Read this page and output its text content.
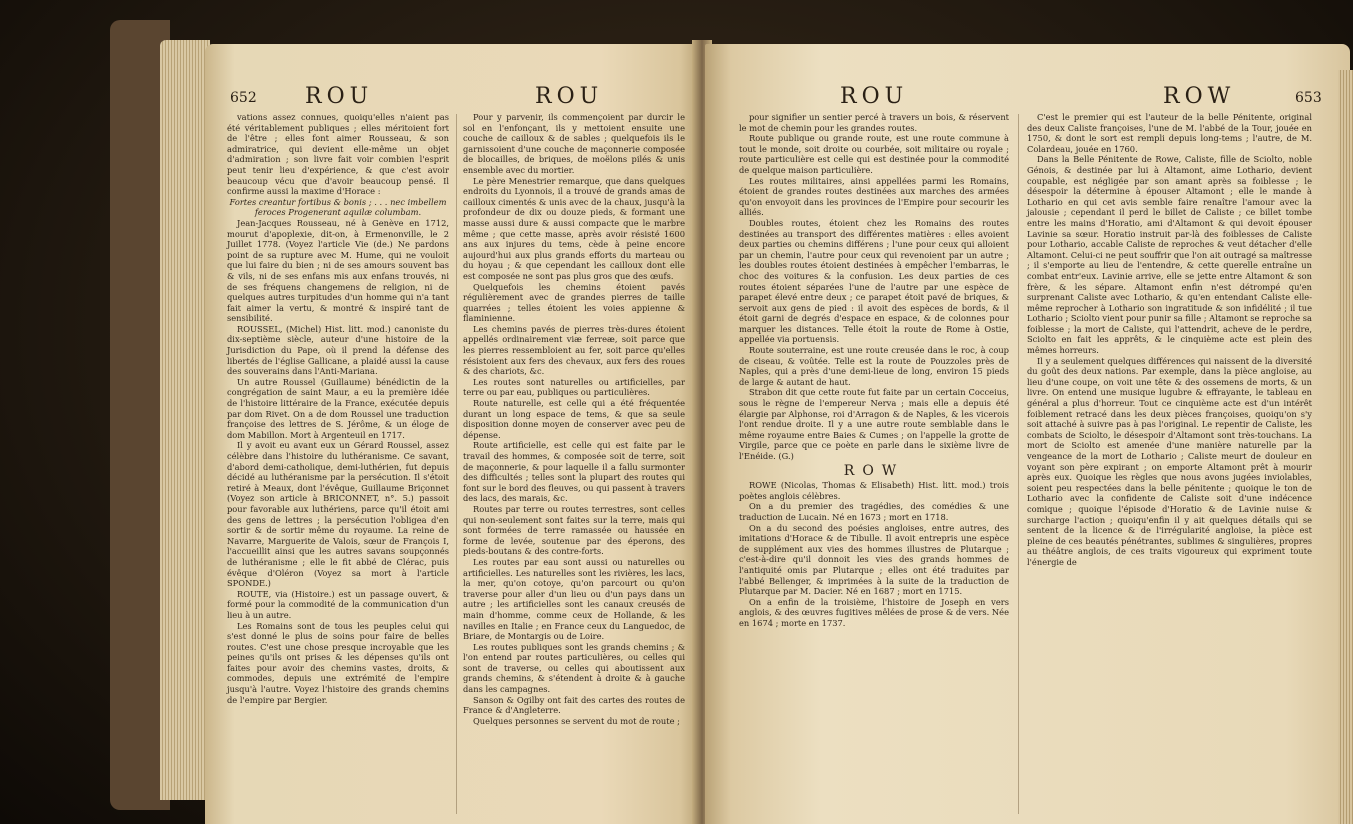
652 ROU	ROU

vations assez connues, quoiqu'elles n'aient pas été véritablement publiques ; elles méritoient fort de l'être ; elles font aimer Rousseau, & son admiratrice, qui devient elle-même un objet d'admiration ; son livre fait voir combien l'esprit peut tenir lieu d'expérience, & que c'est avoir beaucoup vécu que d'avoir beaucoup pensé. Il confirme aussi la maxime d'Horace :

Fortes creantur fortibus & bonis ; . . . nec imbellem feroces Progenerant aquilæ columbam.

Jean-Jacques Rousseau, né à Genève en 1712, mourut d'apoplexie, dit-on, à Ermenonville, le 2 Juillet 1778. (Voyez l'article Vie (de.) Ne pardons point de sa rupture avec M. Hume, qui ne vouloit que lui faire du bien ; ni de ses amours souvent bas & vils, ni de ses enfans mis aux enfans trouvés, ni de ses fréquens changemens de religion, ni de quelques autres turpitudes d'un homme qui n'a tant fait aimer la vertu, & montré & inspiré tant de sensibilité.

ROUSSEL, (Michel) Hist. litt. mod.) canoniste du dix-septième siècle, auteur d'une histoire de la Jurisdiction du Pape, où il prend la défense des libertés de l'église Gallicane, a plaidé aussi la cause des souverains dans l'Anti-Mariana.

Un autre Roussel (Guillaume) bénédictin de la congrégation de saint Maur, a eu la première idée de l'histoire littéraire de la France, exécutée depuis par dom Rivet. On a de dom Roussel une traduction françoise des lettres de S. Jérôme, & un éloge de dom Mabillon. Mort à Argenteuil en 1717.

Il y avoit eu avant eux un Gérard Roussel, assez célèbre dans l'histoire du luthéranisme. Ce savant, d'abord demi-catholique, demi-luthérien, fut depuis décidé au luthéranisme par la persécution. Il s'étoit retiré à Meaux, dont l'évêque, Guillaume Briçonnet (Voyez son article à BRICONNET, n°. 5.) passoit pour favorable aux luthériens, parce qu'il étoit ami des gens de lettres ; la persécution l'obligea d'en sortir & de sortir même du royaume. La reine de Navarre, Marguerite de Valois, sœur de François I, l'accueillit ainsi que les autres savans soupçonnés de luthéranisme ; elle le fit abbé de Clérac, puis évêque d'Oléron (Voyez sa mort à l'article SPONDE.)

ROUTE, via (Histoire.) est un passage ouvert, & formé pour la commodité de la communication d'un lieu à un autre.

Les Romains sont de tous les peuples celui qui s'est donné le plus de soins pour faire de belles routes. C'est une chose presque incroyable que les peines qu'ils ont prises & les dépenses qu'ils ont faites pour avoir des chemins vastes, droits, & commodes, depuis une extrémité de l'empire jusqu'à l'autre. Voyez l'histoire des grands chemins de l'empire par Bergier.

Pour y parvenir, ils commençoient par durcir le sol en l'enfonçant, ils y mettoient ensuite une couche de cailloux & de sables ; quelquefois ils le garnissoient d'une couche de maçonnerie composée de blocailles, de briques, de moëlons pilés & unis ensemble avec du mortier.

Le père Menestrier remarque, que dans quelques endroits du Lyonnois, il a trouvé de grands amas de cailloux cimentés & unis avec de la chaux, jusqu'à la profondeur de dix ou douze pieds, & formant une masse aussi dure & aussi compacte que le marbre même ; que cette masse, après avoir résisté 1600 ans aux injures du tems, cède à peine encore aujourd'hui aux plus grands efforts du marteau ou du hoyau ; & que cependant les cailloux dont elle est composée ne sont pas plus gros que des œufs.

Quelquefois les chemins étoient pavés régulièrement avec de grandes pierres de taille quarrées ; telles étoient les voies appienne & flaminienne.

Les chemins pavés de pierres très-dures étoient appellés ordinairement viæ ferreæ, soit parce que les pierres ressembloient au fer, soit parce qu'elles résistoient aux fers des chevaux, aux fers des roues & des chariots, &c.

Les routes sont naturelles ou artificielles, par terre ou par eau, publiques ou particulières.

Route naturelle, est celle qui a été fréquentée durant un long espace de tems, & que sa seule disposition donne moyen de conserver avec peu de dépense.

Route artificielle, est celle qui est faite par le travail des hommes, & composée soit de terre, soit de maçonnerie, & pour laquelle il a fallu surmonter des difficultés ; telles sont la plupart des routes qui font sur le bord des fleuves, ou qui passent à travers des lacs, des marais, &c.

Routes par terre ou routes terrestres, sont celles qui non-seulement sont faites sur la terre, mais qui sont formées de terre ramassée ou haussée en forme de levée, soutenue par des éperons, des pieds-boutans & des contre-forts.

Les routes par eau sont aussi ou naturelles ou artificielles. Les naturelles sont les rivières, les lacs, la mer, qu'on cotoye, qu'on parcourt ou qu'on traverse pour aller d'un lieu ou d'un pays dans un autre ; les artificielles sont les canaux creusés de main d'homme, comme ceux de Hollande, & les navilles en Italie ; en France ceux du Languedoc, de Briare, de Montargis ou de Loire.

Les routes publiques sont les grands chemins ; & l'on entend par routes particulières, ou celles qui sont de traverse, ou celles qui aboutissent aux grands chemins, & s'étendent à droite & à gauche dans les campagnes.

Sanson & Ogilby ont fait des cartes des routes de France & d'Angleterre.

Quelques personnes se servent du mot de route ;

ROU	ROW	653

pour signifier un sentier percé à travers un bois, & réservent le mot de chemin pour les grandes routes.

Route publique ou grande route, est une route commune à tout le monde, soit droite ou courbée, soit militaire ou royale ; route particulière est celle qui est destinée pour la commodité de quelque maison particulière.

Les routes militaires, ainsi appellées parmi les Romains, étoient de grandes routes destinées aux marches des armées qu'on envoyoit dans les provinces de l'Empire pour secourir les alliés.

Doubles routes, étoient chez les Romains des routes destinées au transport des différentes matières : elles avoient deux parties ou chemins différens ; l'une pour ceux qui alloient par un chemin, l'autre pour ceux qui revenoient par un autre ; les doubles routes étoient destinées à empêcher l'embarras, le choc des voitures & la confusion. Les deux parties de ces routes étoient séparées l'une de l'autre par une espèce de parapet élevé entre deux ; ce parapet étoit pavé de briques, & servoit aux gens de pied : il avoit des espèces de bords, & il étoit garni de degrés d'espace en espace, & de colonnes pour marquer les distances. Telle étoit la route de Rome à Ostie, appellée via portuensis.

Route souterraine, est une route creusée dans le roc, à coup de ciseau, & voûtée. Telle est la route de Pouzzoles près de Naples, qui a près d'une demi-lieue de long, environ 15 pieds de large & autant de haut.

Strabon dit que cette route fut faite par un certain Cocceius, sous le règne de l'empereur Nerva ; mais elle a depuis été élargie par Alphonse, roi d'Arragon & de Naples, & les vicerois l'ont rendue droite. Il y a une autre route semblable dans le même royaume entre Baies & Cumes ; on l'appelle la grotte de Virgile, parce que ce poète en parle dans le sixième livre de l'Enéide. (G.)

ROW

ROWE (Nicolas, Thomas & Elisabeth) Hist. litt. mod.) trois poètes anglois célèbres.

On a du premier des tragédies, des comédies & une traduction de Lucain. Né en 1673 ; mort en 1718.

On a du second des poésies angloises, entre autres, des imitations d'Horace & de Tibulle. Il avoit entrepris une espèce de supplément aux vies des hommes illustres de Plutarque ; c'est-à-dire qu'il donnoit les vies des grands hommes de l'antiquité omis par Plutarque ; elles ont été traduites par l'abbé Bellenger, & imprimées à la suite de la traduction de Plutarque par M. Dacier. Né en 1687 ; mort en 1715.

On a enfin de la troisième, l'histoire de Joseph en vers anglois, & des œuvres fugitives mêlées de prose & de vers. Née en 1674 ; morte en 1737.

C'est le premier qui est l'auteur de la belle Pénitente, original des deux Caliste françoises, l'une de M. l'abbé de la Tour, jouée en 1750, & dont le sort est rempli depuis long-tems ; l'autre, de M. Colardeau, jouée en 1760.

Dans la Belle Pénitente de Rowe, Caliste, fille de Sciolto, noble Génois, & destinée par lui à Altamont, aime Lothario, devient coupable, est négligée par son amant après sa foiblesse ; le désespoir la détermine à épouser Altamont ; elle le mande à Lothario en qui cet avis semble faire renaître l'amour avec la jalousie ; cependant il perd le billet de Caliste ; ce billet tombe entre les mains d'Horatio, ami d'Altamont & qui devoit épouser Lavinie sa sœur. Horatio instruit par-là des foiblesses de Caliste pour Lothario, accable Caliste de reproches & veut détacher d'elle Altamont. Celui-ci ne peut souffrir que l'on ait outragé sa maîtresse ; il s'emporte au lieu de l'entendre, & cette querelle entraîne un combat entr'eux. Lavinie arrive, elle se jette entre Altamont & son frère, & les sépare. Altamont enfin n'est détrompé qu'en surprenant Caliste avec Lothario, & qu'en entendant Caliste elle-même reprocher à Lothario son ingratitude & son infidélité ; il tue Lothario ; Sciolto vient pour punir sa fille ; Altamont se reproche sa foiblesse ; la mort de Caliste, qui l'attendrit, acheve de le perdre, Sciolto en fait les apprêts, & le cinquième acte est plein des mêmes horreurs.

Il y a seulement quelques différences qui naissent de la diversité du goût des deux nations. Par exemple, dans la pièce angloise, au lieu d'une coupe, on voit une tête & des ossemens de morts, & un livre. On entend une musique lugubre & effrayante, le tableau en général a plus d'horreur. Tout ce cinquième acte est d'un intérêt foiblement retracé dans les deux pièces françoises, quoiqu'on s'y soit attaché à suivre pas à pas l'original. Le repentir de Caliste, les combats de Sciolto, le désespoir d'Altamont sont très-touchans. La mort de Sciolto est amenée d'une manière naturelle par la vengeance de la mort de Lothario ; Caliste meurt de douleur en voyant son père expirant ; on emporte Altamont prêt à mourir après eux. Quoique les règles que nous avons jugées inviolables, soient peu respectées dans la belle pénitente ; quoique le ton de Lothario avec la confidente de Caliste soit d'une indécence comique ; quoique l'épisode d'Horatio & de Lavinie nuise & surcharge l'action ; quoiqu'enfin il y ait quelques détails qui se sentent de la licence & de l'irrégularité angloise, la pièce est pleine de ces beautés pénétrantes, sublimes & singulières, propres au théâtre anglois, de ces traits vigoureux qui expriment toute l'énergie de
